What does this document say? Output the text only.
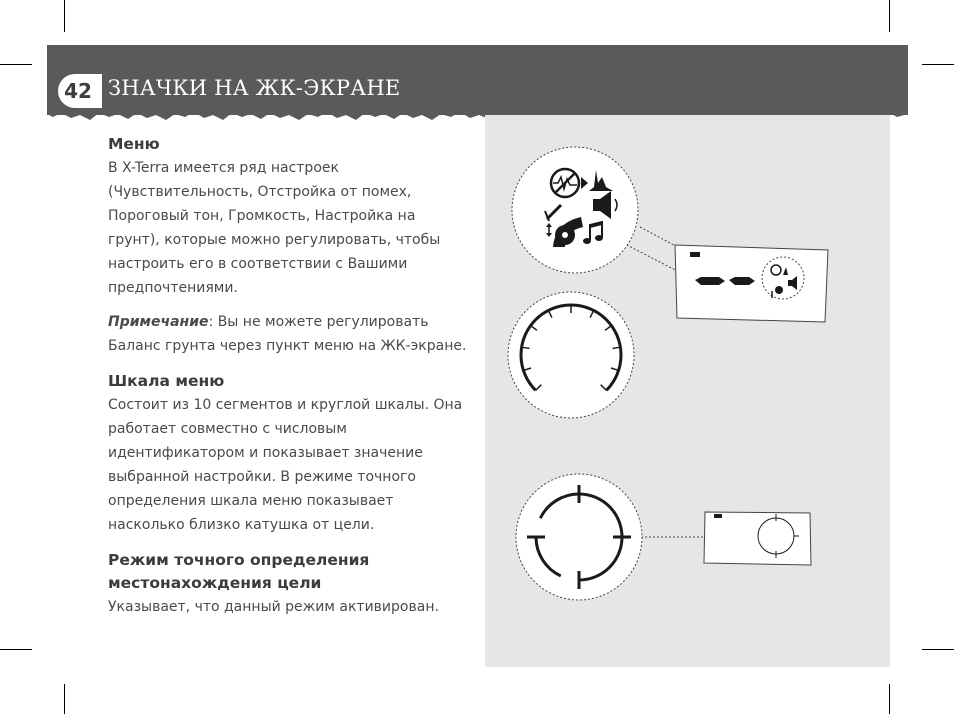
42 ЗНАЧКИ НА ЖК-ЭКРАНЕ
Меню
В X-Terra имеется ряд настроек (Чувствительность, Отстройка от помех, Пороговый тон, Громкость, Настройка на грунт), которые можно регулировать, чтобы настроить его в соответствии с Вашими предпочтениями.
Примечание: Вы не можете регулировать Баланс грунта через пункт меню на ЖК-экране.
Шкала меню
Состоит из 10 сегментов и круглой шкалы. Она работает совместно с числовым идентификатором и показывает значение выбранной настройки. В режиме точного определения шкала меню показывает насколько близко катушка от цели.
Режим точного определения местонахождения цели
Указывает, что данный режим активирован.
